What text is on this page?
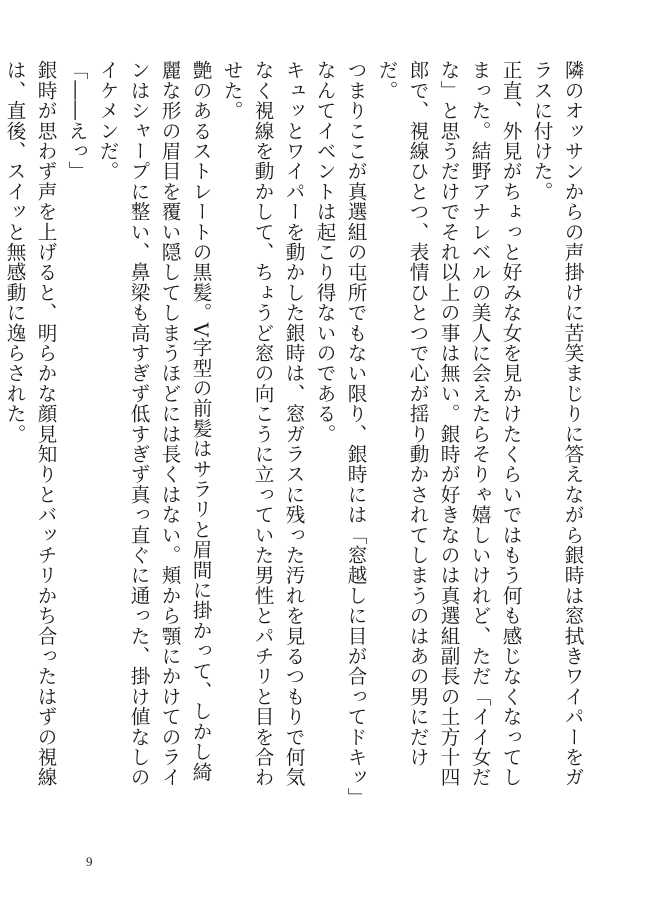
隣のオッサンからの声掛けに苦笑まじりに答えながら銀時は窓拭きワイパーをガラスに付けた。

正直、外見がちょっと好みな女を見かけたくらいではもう何も感じなくなってしまった。結野アナレベルの美人に会えたらそりゃ嬉しいけれど、ただ「イイ女だな」と思うだけでそれ以上の事は無い。銀時が好きなのは真選組副長の土方十四郎で、視線ひとつ、表情ひとつで心が揺り動かされてしまうのはあの男にだけだ。

つまりここが真選組の屯所でもない限り、銀時には「窓越しに目が合ってドキッ」なんてイベントは起こり得ないのである。

キュッとワイパーを動かした銀時は、窓ガラスに残った汚れを見るつもりで何気なく視線を動かして、ちょうど窓の向こうに立っていた男性とパチリと目を合わせた。

艶のあるストレートの黒髪。V字型の前髪はサラリと眉間に掛かって、しかし綺麗な形の眉目を覆い隠してしまうほどには長くはない。頬から顎にかけてのラインはシャープに整い、鼻梁も高すぎず低すぎず真っ直ぐに通った、掛け値なしのイケメンだ。

「――えっ」

銀時が思わず声を上げると、明らかな顔見知りとバッチリかち合ったはずの視線は、直後、スイッと無感動に逸らされた。

9
